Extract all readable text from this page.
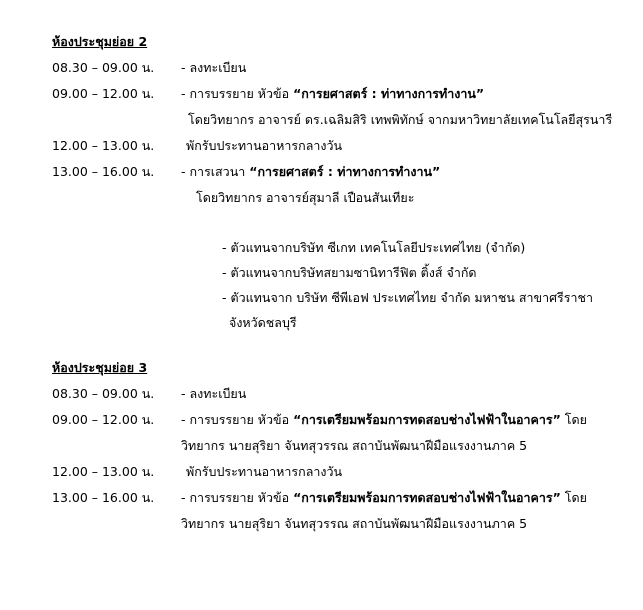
ห้องประชุมย่อย 2
08.30 – 09.00 น. - ลงทะเบียน
09.00 – 12.00 น. - การบรรยาย หัวข้อ “การยศาสตร์ : ท่าทางการทำงาน”
โดยวิทยากร อาจารย์ ดร.เฉลิมสิริ เทพพิทักษ์ จากมหาวิทยาลัยเทคโนโลยีสุรนารี
12.00 – 13.00 น.	พักรับประทานอาหารกลางวัน
13.00 – 16.00 น. - การเสวนา “การยศาสตร์ : ท่าทางการทำงาน”
โดยวิทยากร อาจารย์สุมาลี เปือนสันเทียะ
- ตัวแทนจากบริษัท ซีเกท เทคโนโลยีประเทศไทย (จำกัด)
- ตัวแทนจากบริษัทสยามซานิทารีฟิต ติ้งส์ จำกัด
- ตัวแทนจาก บริษัท ซีพีเอฟ ประเทศไทย จำกัด มหาชน สาขาศรีราชา
จังหวัดชลบุรี
ห้องประชุมย่อย 3
08.30 – 09.00 น. - ลงทะเบียน
09.00 – 12.00 น. - การบรรยาย หัวข้อ “การเตรียมพร้อมการทดสอบช่างไฟฟ้าในอาคาร” โดย
วิทยากร นายสุริยา จันทสุวรรณ สถาบันพัฒนาฝีมือแรงงานภาค 5
12.00 – 13.00 น.	พักรับประทานอาหารกลางวัน
13.00 – 16.00 น. - การบรรยาย หัวข้อ “การเตรียมพร้อมการทดสอบช่างไฟฟ้าในอาคาร” โดย
วิทยากร นายสุริยา จันทสุวรรณ สถาบันพัฒนาฝีมือแรงงานภาค 5
